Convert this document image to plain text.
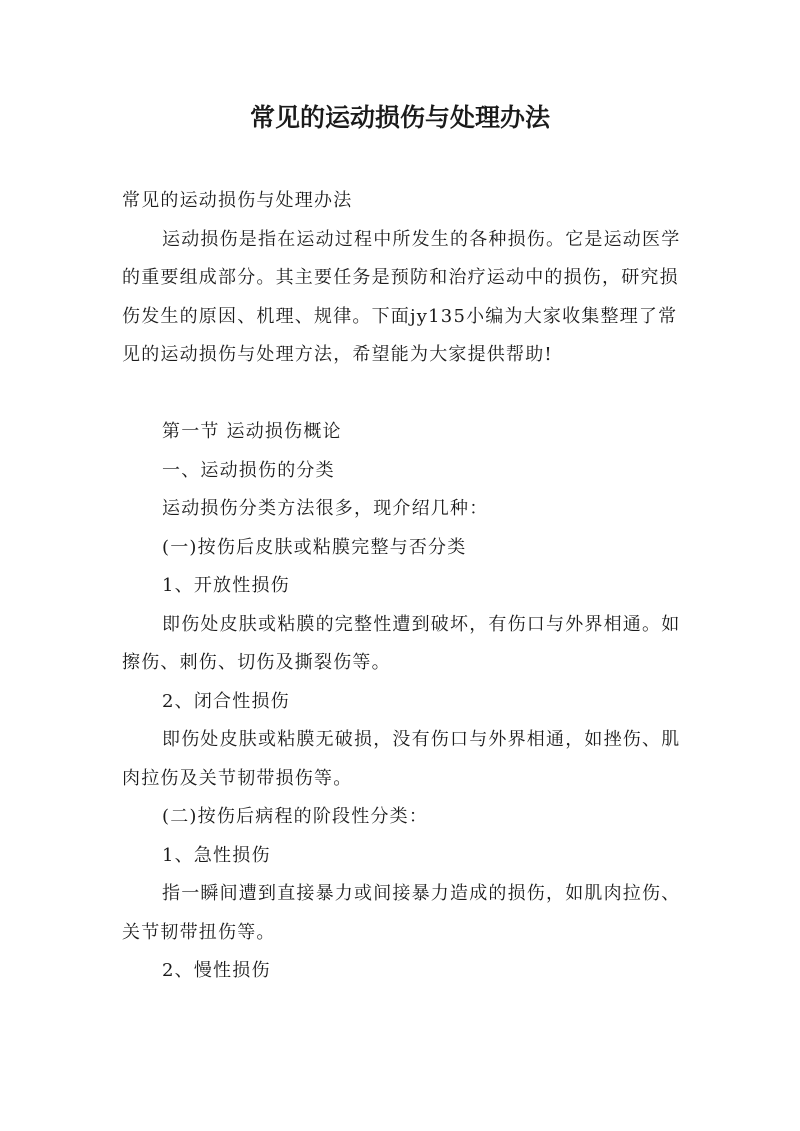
常见的运动损伤与处理办法

常见的运动损伤与处理办法

运动损伤是指在运动过程中所发生的各种损伤。它是运动医学的重要组成部分。其主要任务是预防和治疗运动中的损伤，研究损伤发生的原因、机理、规律。下面jy135小编为大家收集整理了常见的运动损伤与处理方法，希望能为大家提供帮助!

第一节 运动损伤概论

一、运动损伤的分类

运动损伤分类方法很多，现介绍几种：

(一)按伤后皮肤或粘膜完整与否分类

1、开放性损伤

即伤处皮肤或粘膜的完整性遭到破坏，有伤口与外界相通。如擦伤、刺伤、切伤及撕裂伤等。

2、闭合性损伤

即伤处皮肤或粘膜无破损，没有伤口与外界相通，如挫伤、肌肉拉伤及关节韧带损伤等。

(二)按伤后病程的阶段性分类：

1、急性损伤

指一瞬间遭到直接暴力或间接暴力造成的损伤，如肌肉拉伤、关节韧带扭伤等。

2、慢性损伤
